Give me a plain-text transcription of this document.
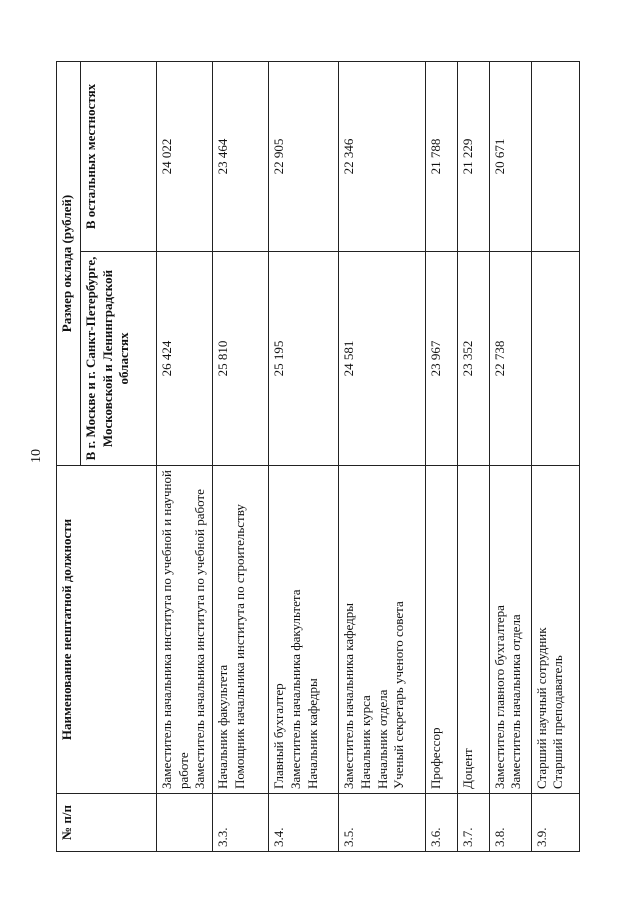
10
№ п/п	Наименование нештатной должности	Размер оклада (рублей)	
		В г. Москве и г. Санкт-Петербурге, Московской и Ленинградской областях	В остальных местностях

	Заместитель начальника института по учебной и научной работе Заместитель начальника института по учебной работе	26 424	24 022
3.3.	Начальник факультета Помощник начальника института по строительству	25 810	23 464
3.4.	Главный бухгалтер Заместитель начальника факультета Начальник кафедры	25 195	22 905
3.5.	Заместитель начальника кафедры Начальник курса Начальник отдела Ученый секретарь ученого совета	24 581	22 346
3.6.	Профессор	23 967	21 788
3.7.	Доцент	23 352	21 229
3.8.	Заместитель главного бухгалтера Заместитель начальника отдела	22 738	20 671
3.9.	Старший научный сотрудник Старший преподаватель		
